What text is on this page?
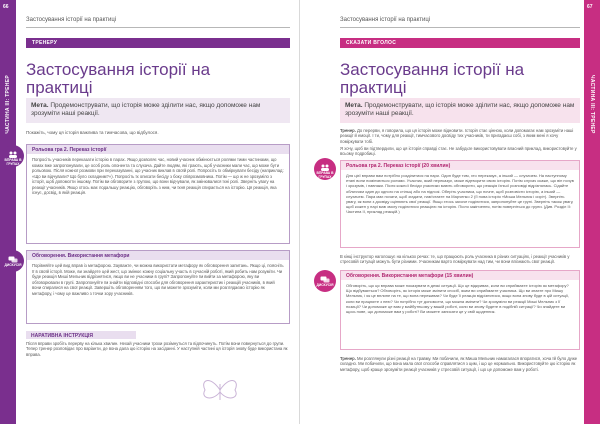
66
ЧАСТИНА III: ТРЕНЕР
Застосування історії на практиці
ТРЕНЕРУ
Застосування історії на практиці
Мета. Продемонструвати, що історія може зділити нас, якщо допоможе нам зрозуміти наші реакції.
Покажіть, чому ця історія важлива та тимчасова, що відбулося.
ВПРАВА В ГРУПАХ
Рольова гра 2. Переказ історії
Попросіть учасників переказати історію в парах. Якщо дозволяє час, новий учасник обмінюється ролями тими частинами, що комах вже запропонували, це особ роль опонента та слухача. Дайте людям, які грають, щоб учасники мали час, що може бути рольовою. Після кожної розмови при переказуванні, що учасник виклав в своїй ролі. Попросіть їх обміркувати бесіду (наприклад: «Що ви відчували? Що було складним?»). Попросіть їх описати бесіду з боку співрозмовника. Потім — що ж не зрозуміло з історії, щоб допомогти іншому. Потім ви обговорите з групою, що вони відчували, як змінювалися їхні ролі. Зверніть увагу на реакції учасників. Якщо хтось має подальшу реакцію, обговоріть з ним, чи їхня реакція спирається на історію. Ця реакція, яка існує, досвід, в якій реакція.
ДИСКУСІЯ
Обговорення. Використання метафори
Порівняйте цей вид вправ із метафорою. Зауважте, чи можна використати метафору як обговорення запитань. Якщо ці, поясніть її в своїй історії. Може, ви знайдете цей жест, що змінює кожну соціальну участь в сучасній роботі, який робить нам розуміти. Чи буде реакція Миші Мельник відрізнятися, якщо ви не учасники в групі? Запропонуйте їм вийти за метафорою, яку ви обговорювали в групі. Запропонуйте їм знайти відповідні способи для обговорення характеристик і реакцій учасників, в який вони спиралися на свої реакції. Завершіть обговоренням того, що ви можете зрозуміти, коли ми розглядаємо історію як метафору, і чому це важливо з точки зору учасників.
НАРАТИВНА ІНСТРУКЦІЯ
Після вправи зробіть перерву на кілька хвилин. Нехай учасники трохи розімнуться та відпочинуть. Потім вони повернуться до групи. Тепер тренер розповідає про варіанти, де вона дала цю історію на засіданні. У наступній частині ця історія знову буде використана як вправа.
67
ЧАСТИНА III: ТРЕНЕР
Застосування історії на практиці
СКАЗАТИ ВГОЛОС
Застосування історії на практиці
Мета. Продемонструвати, що історія може зділити нас, якщо допоможе нам зрозуміти наші реакції.
Тренер. До перерви, я говорила, що ця історія може відновити. Історія стає цінною, коли допомагає нам зрозуміти наші реакції й емоції. І ти, чому для реакції, тимчасового досвіду тих учасників, ти пригадаєш собі, з яким мені я хочу поміркувати тобі.
Я хочу, щоб ви підтвердили, що ця історія справді стає. Не забудьте використовувати власний приклад, використовуйте у всьому подробиці.
ВПРАВА В ГРУПАХ
Рольова гра 2. Переказ історії (20 хвилин)
Для цієї вправи вам потрібно розділитися на пари. Один буде тим, хто переказує, а інший — слухачем. На наступному етапі вони поміняються ролями. Учасник, який переказує, може відтворити свою історію. Потім слухач скаже, що він почув і зрозумів, і навпаки. Після кожної бесіди учасники мають обговорити, що реакція їхньої розповіді відрізнялась. Сідайте обличчям один до одного на стільці або на підлозі. Оберіть учасника, що почне, щоб розповісти історію, а інший — слухачем. Пара має почати, щоб згадати, пам’ятаєте на Марченко 2 (її нова історія «Миша Мельник і сирі»). Зверніть увагу, як вони з досвіду оцінюють свої реакції. Якщо хтось захоче поділитися, запропонуйте це групі. Зверніть також увагу, щоб кожен у парі мав змогу поділитися реакцією на історію. Після закінчення, потім поверніться до групи. (Див. Розділ II: Частина II, приклад реакцій.)
В кінці інструктор наголошує на кількох речах: те, що працюють роль учасника в різних ситуаціях, і реакції учасників у стресовій ситуації можуть бути різними. Учасникам варто поміркувати над тим, чи вони впізнають свої реакції.
ДИСКУСІЯ
Обговорення. Використання метафори (15 хвилин)
Обговоріть, що ця вправа може показувати в деякі ситуації. Що це відкриває, коли ви сприймаєте історію як метафору? Що відбувається? Обговоріть, як історія може змінити спосіб, яким ви сприймаєте учасника. Що ви знаєте про Мишу Мельник, і як це вплине на те, що вона переживає? Чи буде її реакція відрізнятися, якщо вона знову буде в цій ситуації, коли ви працюєте з нею? Чи потрібно тут допомогти, що можна змінити? Чи зрозуміли ви реакції Миші Мельник з її позиції? Чи допоможе це вам у майбутньому у вашій роботі, коли ви знову будете в подібній ситуації? Чи знайдете ви щось нове, що допоможе вам у роботі? Ви можете записати це у свій щоденник.
Тренер. Ми розглянули різні реакції на травму. Ми побачили, як Миша Мельник намагалася впоратися, хоча їй було дуже складно. Ми побачили, що вона мала свої способи справлятися з цим, і що це нормально. Використовуйте цю історію як метафору, щоб краще зрозуміти реакції учасників у стресовій ситуації, і що це допоможе вам у роботі.
